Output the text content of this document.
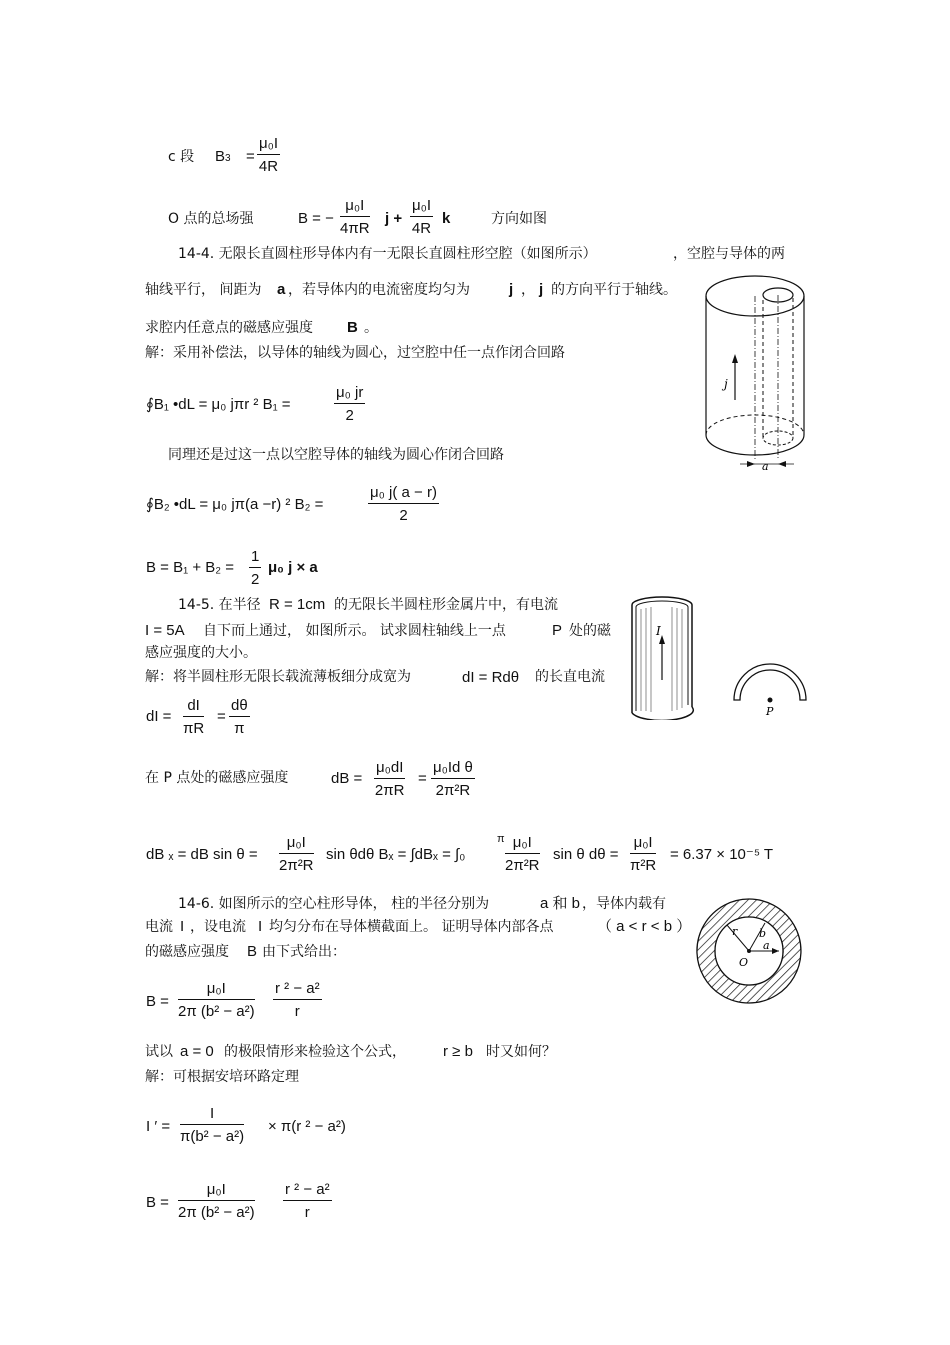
c 段 $B3 = \frac{\text{μ₀I}}{4R}$
O 点的总场强	B = − $\frac{\text{μ₀I}}{4\pi R}$ $j + \frac{\text{μ₀I}}{4R}$ k	方向如图
14-4. 无限长直圆柱形导体内有一无限长直圆柱形空腔（如图所示）	，空腔与导体的两
轴线平行， 间距为 a ，若导体内的电流密度均匀为	j ， j 的方向平行于轴线。
求腔内任意点的磁感应强度 B 。
解：采用补偿法，以导体的轴线为圆心，过空腔中任一点作闭合回路
∮B₁ •dL = μ₀ jπr ² B₁ =	$\frac{\text{μ₀ jr}}{2}$
同理还是过这一点以空腔导体的轴线为圆心作闭合回路
∮B₂ •dL = μ₀ jπ(a −r) ² B₂ =	$\frac{\text{μ₀ j( a − r)}}{2}$
$B = B_1 + B_2 = \frac{1}{2} \mu_0$ j × a
j
a
14-5. 在半径 R = 1cm 的无限长半圆柱形金属片中，有电流
I = 5A 自下而上通过， 如图所示。 试求圆柱轴线上一点	P 处的磁
感应强度的大小。
解：将半圆柱形无限长载流薄板细分成宽为	dI = Rdθ 的长直电流
dI = $\frac{dI}{\pi R} = \frac{d\theta}{\pi}$
在 P 点处的磁感应强度	dB = $\frac{\text{μ₀dI}}{2\pi R} = \frac{\text{μ₀Id θ}}{\text{2π²R}}$
dB ₓ = dB $\sin \theta = \frac{\text{μ₀I}}{\text{2π²R}}$ sin θdθ Bₓ = ∫dBₓ = ∫₀
π $\frac{\text{μ₀I}}{\text{2π²R}}$ sin θ $d\theta = \frac{\text{μ₀I}}{\text{π²R}} = 6.37 \times 10^{-5}$ T
I
P
14-6. 如图所示的空心柱形导体， 柱的半径分别为	a 和 b ，导体内载有
电流 I ，设电流 I 均匀分布在导体横截面上。 证明导体内部各点	（ a < r < b ）
的磁感应强度 B 由下式给出：
$B = \frac{\text{μ₀I}}{\text{2π (b² − a²)}} \frac{\text{r ² − a²}}{r}$
试以 a = 0 的极限情形来检验这个公式， r ≥ b 时又如何？
解：可根据安培环路定理
I ′ = $\frac{I}{\text{π(b² − a²)}} \times \pi(r$ ² − a²)
$B = \frac{\text{μ₀I}}{\text{2π (b² − a²)}} \frac{\text{r ² − a²}}{r}$
r b
a
O
